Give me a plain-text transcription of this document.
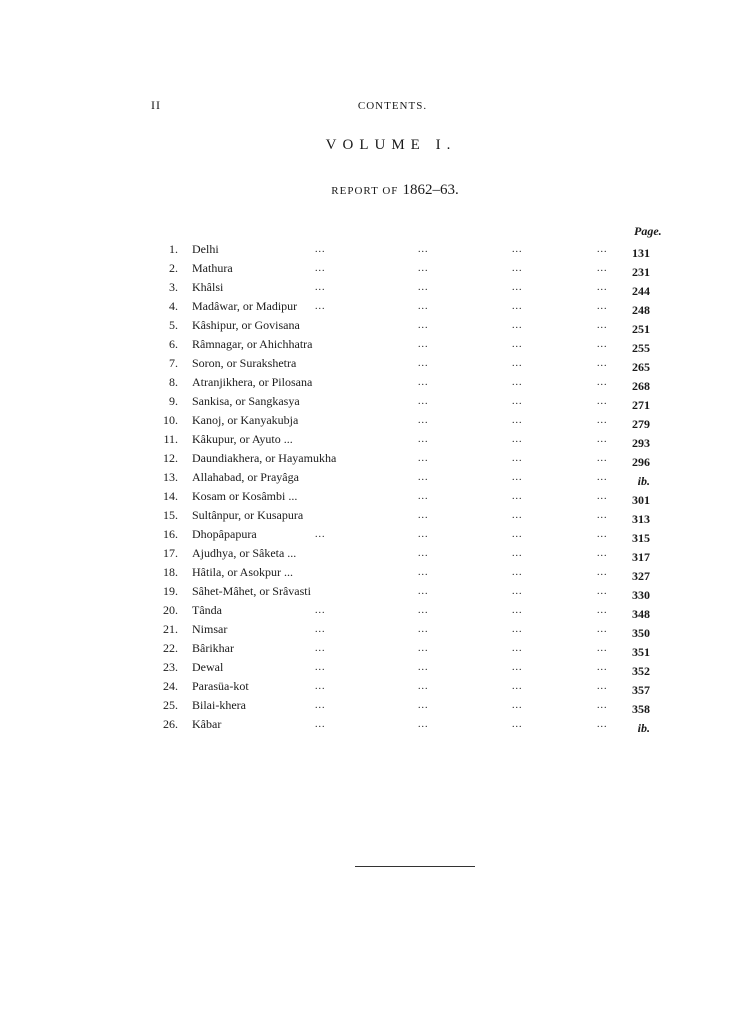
II	CONTENTS.
VOLUME I.
REPORT OF 1862–63.
Page.
1. Delhi	...	...	...	...	131
2. Mathura	...	...	...	...	231
3. Khâlsi	...	...	...	...	244
4. Madâwar, or Madipur ...	...	...	...	248
5. Kâshipur, or Govisana	...	...	...	251
6. Râmnagar, or Ahichhatra	...	...	...	255
7. Soron, or Surakshetra	...	...	...	265
8. Atranjikhera, or Pilosana	...	...	...	268
9. Sankisa, or Sangkasya	...	...	...	271
10. Kanoj, or Kanyakubja	...	...	...	279
11. Kâkupur, or Ayuto ...	...	...	...	293
12. Daundiakhera, or Hayamukha	...	...	...	296
13. Allahabad, or Prayâga	...	...	...	ib.
14. Kosam or Kosâmbi ...	...	...	...	301
15. Sultânpur, or Kusapura	...	...	...	313
16. Dhopâpapura	...	...	...	...	315
17. Ajudhya, or Sâketa ...	...	...	...	317
18. Hâtila, or Asokpur ...	...	...	...	327
19. Sâhet-Mâhet, or Srâvasti	...	...	...	330
20. Tânda	...	...	...	...	348
21. Nimsar	...	...	...	...	350
22. Bârikhar	...	...	...	...	351
23. Dewal	...	...	...	...	352
24. Parasüa-kot	...	...	...	...	357
25. Bilai-khera	...	...	...	...	358
26. Kâbar	...	...	...	...	ib.
